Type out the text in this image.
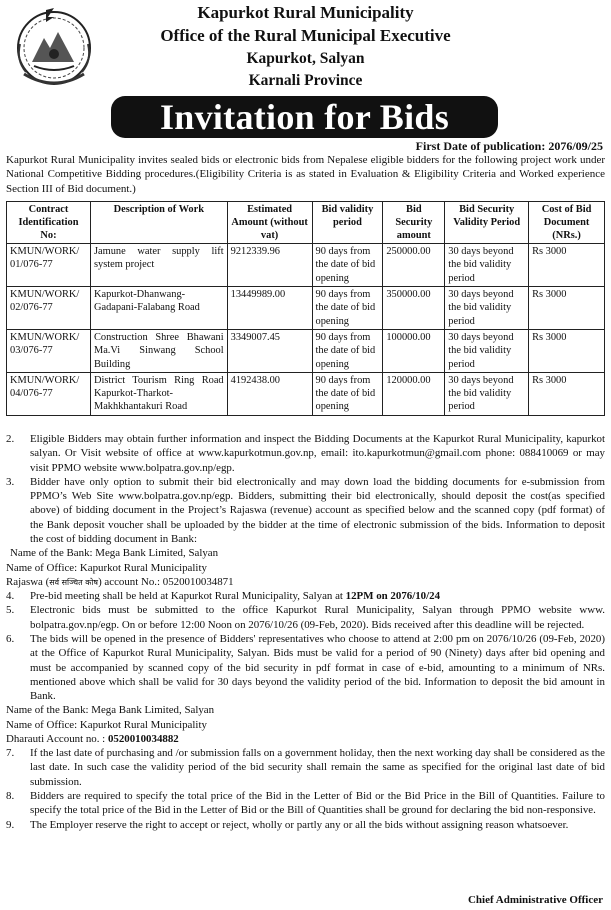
Kapurkot Rural Municipality
Office of the Rural Municipal Executive
Kapurkot, Salyan
Karnali Province
Invitation for Bids
First Date of publication: 2076/09/25
Kapurkot Rural Municipality invites sealed bids or electronic bids from Nepalese eligible bidders for the following project work under National Competitive Bidding procedures.(Eligibility Criteria is as stated in Evaluation & Eligibility Criteria and Worked experience Section III of Bid document.)
Contract Identification No:	Description of Work	Estimated Amount (without vat)	Bid validity period	Bid Security amount	Bid Security Validity Period	Cost of Bid Document (NRs.)
KMUN/WORK/ 01/076-77	Jamune water supply lift system project	9212339.96	90 days from the date of bid opening	250000.00	30 days beyond the bid validity period	Rs 3000
KMUN/WORK/ 02/076-77	Kapurkot-Dhanwang- Gadapani-Falabang Road	13449989.00	90 days from the date of bid opening	350000.00	30 days beyond the bid validity period	Rs 3000
KMUN/WORK/ 03/076-77	Construction Shree Bhawani Ma.Vi Sinwang School Building	3349007.45	90 days from the date of bid opening	100000.00	30 days beyond the bid validity period	Rs 3000
KMUN/WORK/ 04/076-77	District Tourism Ring Road Kapurkot-Tharkot- Makhkhantakuri Road	4192438.00	90 days from the date of bid opening	120000.00	30 days beyond the bid validity period	Rs 3000
2.	Eligible Bidders may obtain further information and inspect the Bidding Documents at the Kapurkot Rural Municipality, kapurkot salyan. Or Visit website of office at www.kapurkotmun.gov.np, email: ito.kapurkotmun@gmail.com phone: 088410069 or may visit PPMO website www.bolpatra.gov.np/egp.
3.	Bidder have only option to submit their bid electronically and may down load the bidding documents for e-submission from PPMO’s Web Site www.bolpatra.gov.np/egp. Bidders, submitting their bid electronically, should deposit the cost(as specified above) of bidding document in the Project’s Rajaswa (revenue) account as specified below and the scanned copy (pdf format) of the Bank deposit voucher shall be uploaded by the bidder at the time of electronic submission of the bids. Information to deposit the cost of bidding document in Bank:
Name of the Bank: Mega Bank Limited, Salyan
Name of Office: Kapurkot Rural Municipality
Rajaswa (सर्व सञ्चित कोष) account No.: 0520010034871
4.	Pre-bid meeting shall be held at Kapurkot Rural Municipality, Salyan at 12PM on 2076/10/24
5.	Electronic bids must be submitted to the office Kapurkot Rural Municipality, Salyan through PPMO website www. bolpatra.gov.np/egp. On or before 12:00 Noon on 2076/10/26 (09-Feb, 2020). Bids received after this deadline will be rejected.
6.	The bids will be opened in the presence of Bidders' representatives who choose to attend at 2:00 pm on 2076/10/26 (09-Feb, 2020) at the Office of Kapurkot Rural Municipality, Salyan. Bids must be valid for a period of 90 (Ninety) days after bid opening and must be accompanied by scanned copy of the bid security in pdf format in case of e-bid, amounting to a minimum of NRs. mentioned above which shall be valid for 30 days beyond the validity period of the bid. Information to deposit the bid amount in Bank.
Name of the Bank: Mega Bank Limited, Salyan
Name of Office: Kapurkot Rural Municipality
Dharauti Account no. : 0520010034882
7.	If the last date of purchasing and /or submission falls on a government holiday, then the next working day shall be considered as the last date. In such case the validity period of the bid security shall remain the same as specified for the original last date of bid submission.
8.	Bidders are required to specify the total price of the Bid in the Letter of Bid or the Bid Price in the Bill of Quantities. Failure to specify the total price of the Bid in the Letter of Bid or the Bill of Quantities shall be ground for declaring the bid non-responsive.
9.	The Employer reserve the right to accept or reject, wholly or partly any or all the bids without assigning reason whatsoever.
Chief Administrative Officer
